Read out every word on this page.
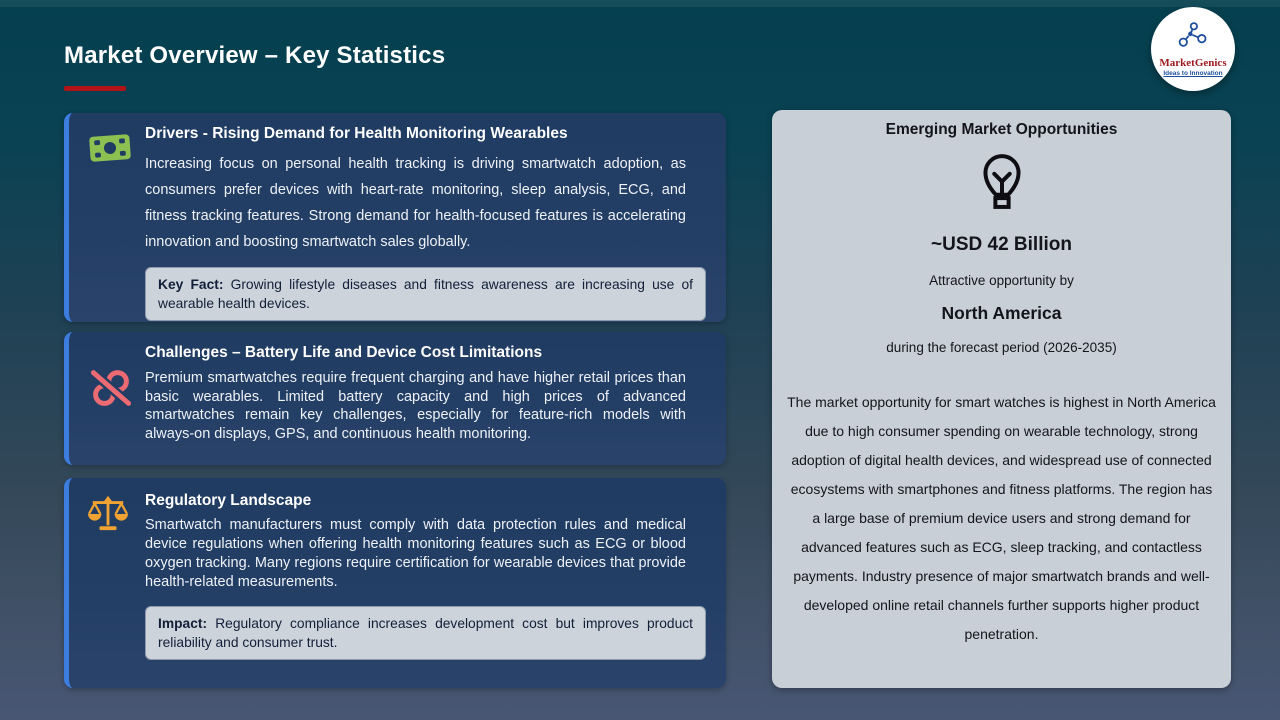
Market Overview – Key Statistics	MarketGenics
Ideas to Innovation
Drivers - Rising Demand for Health Monitoring Wearables
Increasing focus on personal health tracking is driving smartwatch adoption, as consumers prefer devices with heart-rate monitoring, sleep analysis, ECG, and fitness tracking features. Strong demand for health-focused features is accelerating innovation and boosting smartwatch sales globally.
Key Fact: Growing lifestyle diseases and fitness awareness are increasing use of wearable health devices.
Challenges – Battery Life and Device Cost Limitations
Premium smartwatches require frequent charging and have higher retail prices than basic wearables. Limited battery capacity and high prices of advanced smartwatches remain key challenges, especially for feature-rich models with always-on displays, GPS, and continuous health monitoring.
Regulatory Landscape
Smartwatch manufacturers must comply with data protection rules and medical device regulations when offering health monitoring features such as ECG or blood oxygen tracking. Many regions require certification for wearable devices that provide health-related measurements.
Impact: Regulatory compliance increases development cost but improves product reliability and consumer trust.
Emerging Market Opportunities
~USD 42 Billion
Attractive opportunity by
North America
during the forecast period (2026-2035)
The market opportunity for smart watches is highest in North America due to high consumer spending on wearable technology, strong adoption of digital health devices, and widespread use of connected ecosystems with smartphones and fitness platforms. The region has a large base of premium device users and strong demand for advanced features such as ECG, sleep tracking, and contactless payments. Industry presence of major smartwatch brands and well-developed online retail channels further supports higher product penetration.
